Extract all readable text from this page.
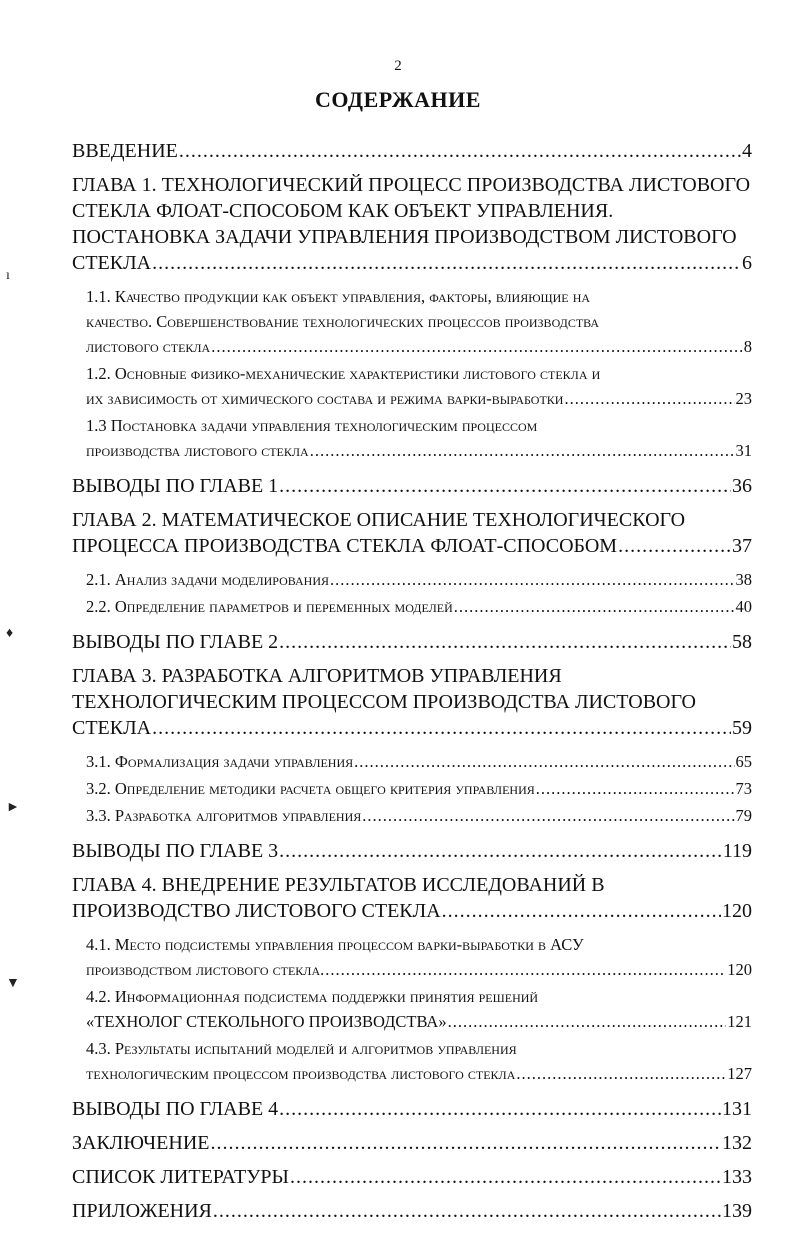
2
СОДЕРЖАНИЕ
ВВЕДЕНИЕ .....	4
ГЛАВА 1. ТЕХНОЛОГИЧЕСКИЙ ПРОЦЕСС ПРОИЗВОДСТВА ЛИСТОВОГО
СТЕКЛА ФЛОАТ-СПОСОБОМ КАК ОБЪЕКТ УПРАВЛЕНИЯ.
ПОСТАНОВКА ЗАДАЧИ УПРАВЛЕНИЯ ПРОИЗВОДСТВОМ ЛИСТОВОГО
СТЕКЛА .....	6
1.1. Качество продукции как объект управления, факторы, влияющие на
качество. Совершенствование технологических процессов производства
листового стекла .....	8
1.2. Основные физико-механические характеристики листового стекла и
их зависимость от химического состава и режима варки-выработки .....	23
1.3 Постановка задачи управления технологическим процессом
производства листового стекла .....	31
ВЫВОДЫ ПО ГЛАВЕ 1 .....	36
ГЛАВА 2. МАТЕМАТИЧЕСКОЕ ОПИСАНИЕ ТЕХНОЛОГИЧЕСКОГО
ПРОЦЕССА ПРОИЗВОДСТВА СТЕКЛА ФЛОАТ-СПОСОБОМ .....	37
2.1. Анализ задачи моделирования .....	38
2.2. Определение параметров и переменных моделей .....	40
ВЫВОДЫ ПО ГЛАВЕ 2 .....	58
ГЛАВА 3. РАЗРАБОТКА АЛГОРИТМОВ УПРАВЛЕНИЯ
ТЕХНОЛОГИЧЕСКИМ ПРОЦЕССОМ ПРОИЗВОДСТВА ЛИСТОВОГО
СТЕКЛА .....	59
3.1. Формализация задачи управления .....	65
3.2. Определение методики расчета общего критерия управления .....	73
3.3. Разработка алгоритмов управления .....	79
ВЫВОДЫ ПО ГЛАВЕ 3 .....	119
ГЛАВА 4. ВНЕДРЕНИЕ РЕЗУЛЬТАТОВ ИССЛЕДОВАНИЙ В
ПРОИЗВОДСТВО ЛИСТОВОГО СТЕКЛА .....	120
4.1. Место подсистемы управления процессом варки-выработки в АСУ
производством листового стекла. .....	120
4.2. Информационная подсистема поддержки принятия решений
«ТЕХНОЛОГ СТЕКОЛЬНОГО ПРОИЗВОДСТВА» .....	121
4.3. Результаты испытаний моделей и алгоритмов управления
технологическим процессом производства листового стекла .....	127
ВЫВОДЫ ПО ГЛАВЕ 4 .....	131
ЗАКЛЮЧЕНИЕ .....	132
СПИСОК ЛИТЕРАТУРЫ .....	133
ПРИЛОЖЕНИЯ .....	139
ı
♦
►
▼
